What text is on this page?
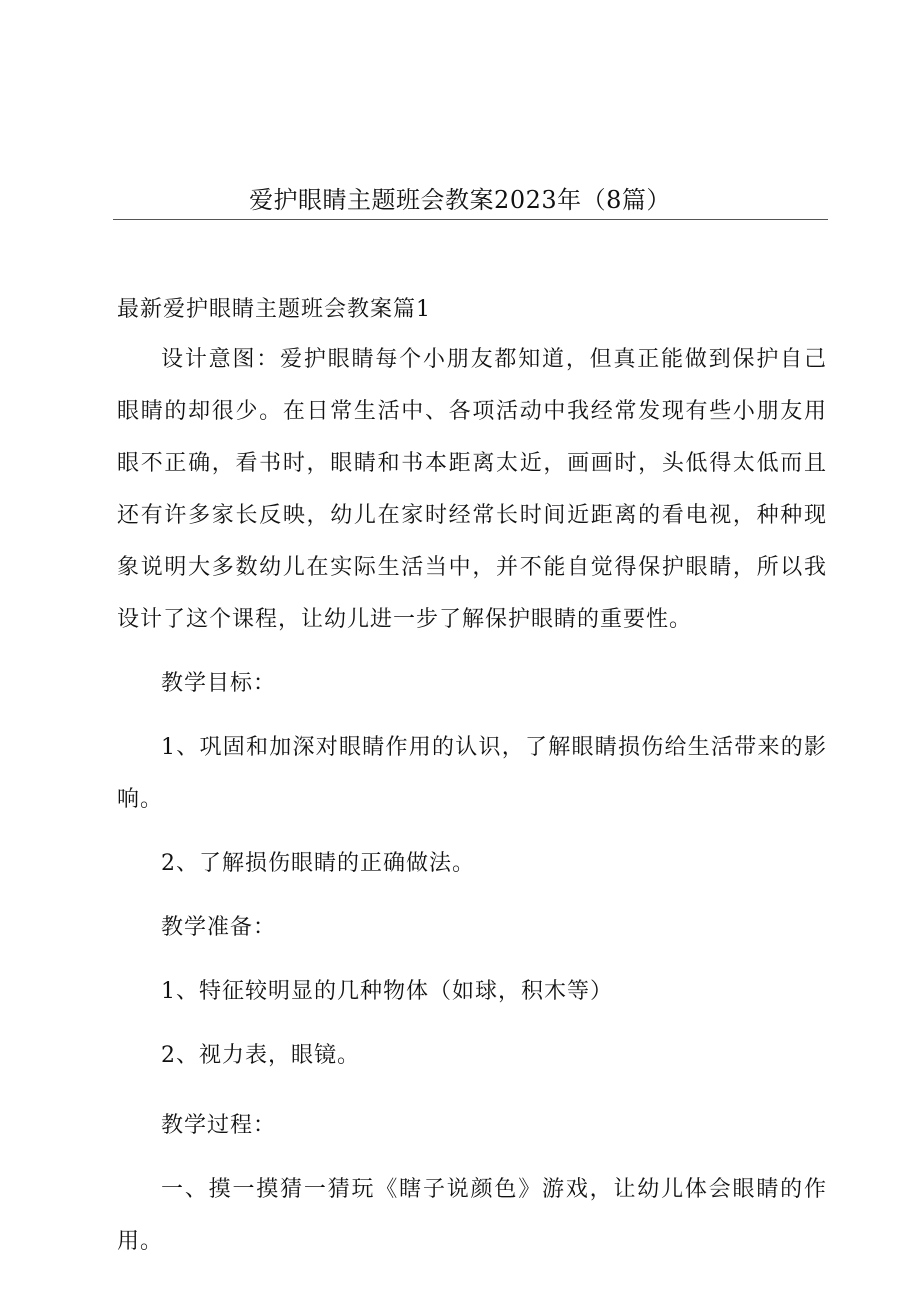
爱护眼睛主题班会教案2023年（8篇）

最新爱护眼睛主题班会教案篇1

设计意图：爱护眼睛每个小朋友都知道，但真正能做到保护自己眼睛的却很少。在日常生活中、各项活动中我经常发现有些小朋友用眼不正确，看书时，眼睛和书本距离太近，画画时，头低得太低而且还有许多家长反映，幼儿在家时经常长时间近距离的看电视，种种现象说明大多数幼儿在实际生活当中，并不能自觉得保护眼睛，所以我设计了这个课程，让幼儿进一步了解保护眼睛的重要性。

教学目标：

1、巩固和加深对眼睛作用的认识，了解眼睛损伤给生活带来的影响。

2、了解损伤眼睛的正确做法。

教学准备：

1、特征较明显的几种物体（如球，积木等）

2、视力表，眼镜。

教学过程：

一、摸一摸猜一猜玩《瞎子说颜色》游戏，让幼儿体会眼睛的作用。
